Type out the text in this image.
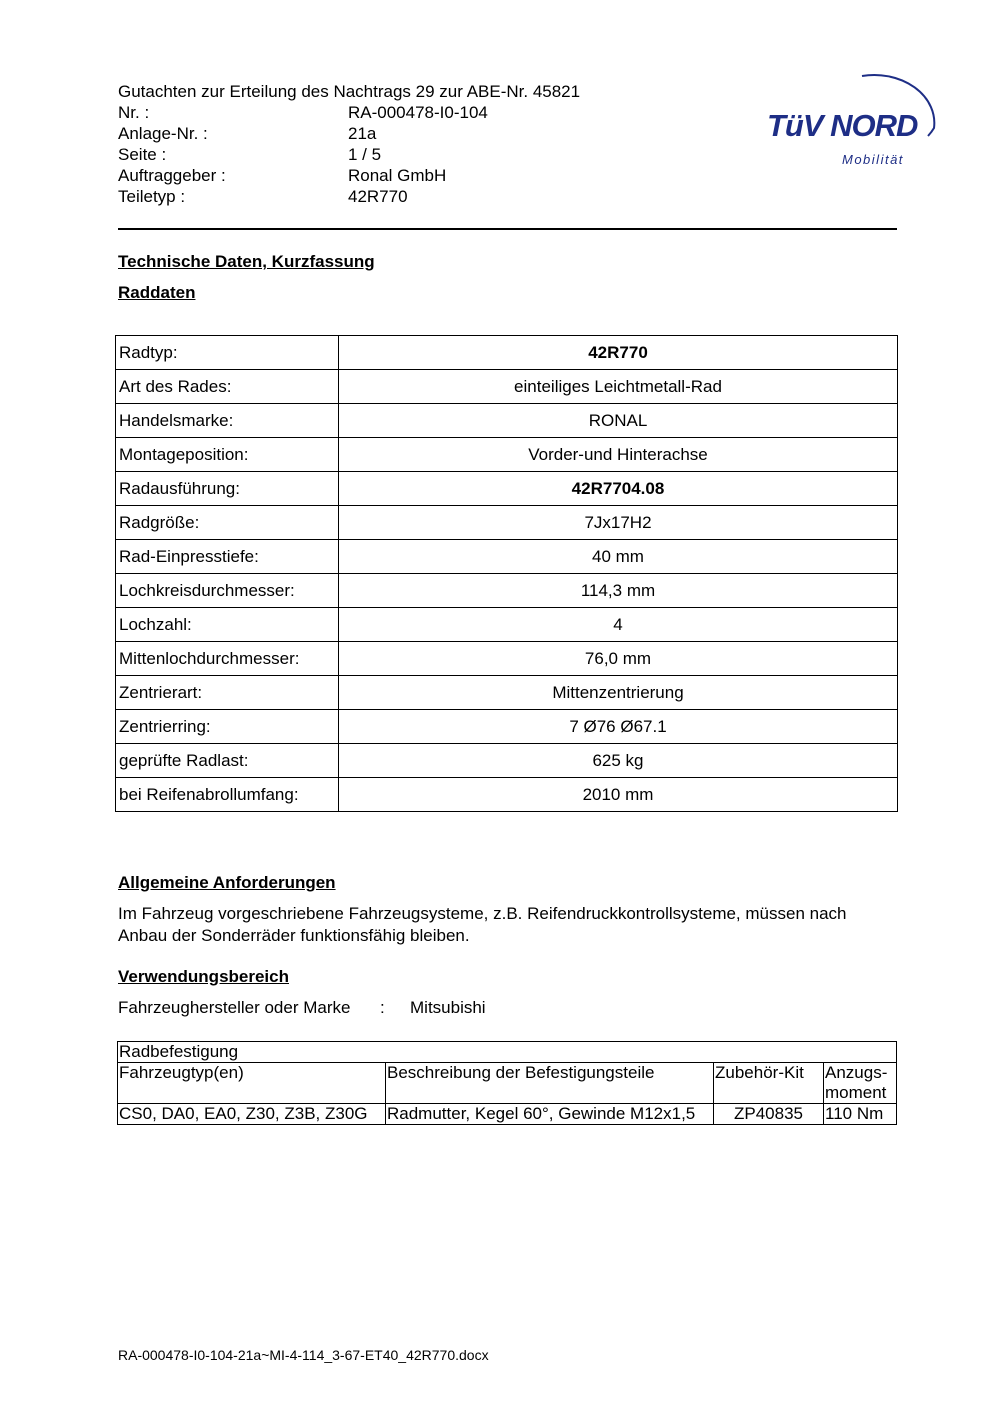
Gutachten zur Erteilung des Nachtrags 29 zur ABE-Nr. 45821
Nr. :	RA-000478-I0-104
Anlage-Nr. :	21a
Seite :	1 / 5
Auftraggeber :	Ronal GmbH
Teiletyp :	42R770
TüV NORD
Mobilität
Technische Daten, Kurzfassung
Raddaten
Radtyp:	42R770
Art des Rades:	einteiliges Leichtmetall-Rad
Handelsmarke:	RONAL
Montageposition:	Vorder-und Hinterachse
Radausführung:	42R7704.08
Radgröße:	7Jx17H2
Rad-Einpresstiefe:	40 mm
Lochkreisdurchmesser:	114,3 mm
Lochzahl:	4
Mittenlochdurchmesser:	76,0 mm
Zentrierart:	Mittenzentrierung
Zentrierring:	7 Ø76 Ø67.1
geprüfte Radlast:	625 kg
bei Reifenabrollumfang:	2010 mm
Allgemeine Anforderungen
Im Fahrzeug vorgeschriebene Fahrzeugsysteme, z.B. Reifendruckkontrollsysteme, müssen nach Anbau der Sonderräder funktionsfähig bleiben.
Verwendungsbereich
Fahrzeughersteller oder Marke	:	Mitsubishi
Radbefestigung			
Fahrzeugtyp(en)	Beschreibung der Befestigungsteile	Zubehör-Kit	Anzugs-moment

CS0, DA0, EA0, Z30, Z3B, Z30G	Radmutter, Kegel 60°, Gewinde M12x1,5	ZP40835	110 Nm
RA-000478-I0-104-21a~MI-4-114_3-67-ET40_42R770.docx
